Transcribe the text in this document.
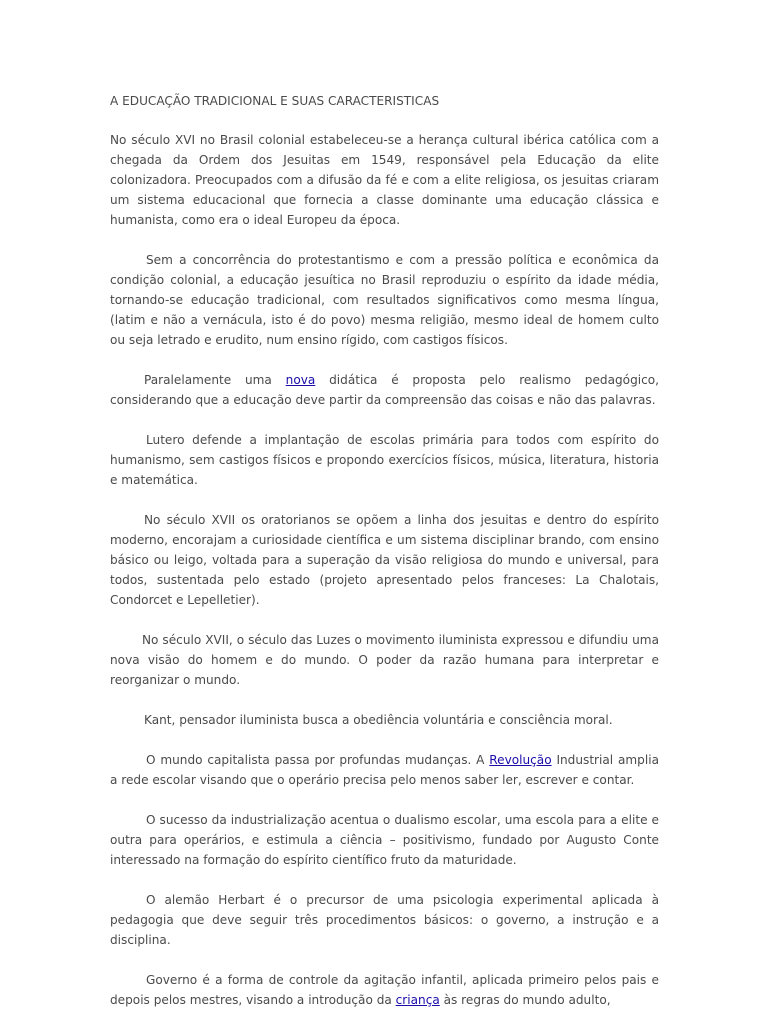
A EDUCAÇÃO TRADICIONAL E SUAS CARACTERISTICAS

No século XVI no Brasil colonial estabeleceu-se a herança cultural ibérica católica com a chegada da Ordem dos Jesuitas em 1549, responsável pela Educação da elite colonizadora. Preocupados com a difusão da fé e com a elite religiosa, os jesuitas criaram um sistema educacional que fornecia a classe dominante uma educação clássica e humanista, como era o ideal Europeu da época.

Sem a concorrência do protestantismo e com a pressão política e econômica da condição colonial, a educação jesuítica no Brasil reproduziu o espírito da idade média, tornando-se educação tradicional, com resultados significativos como mesma língua, (latim e não a vernácula, isto é do povo) mesma religião, mesmo ideal de homem culto ou seja letrado e erudito, num ensino rígido, com castigos físicos.

Paralelamente uma nova didática é proposta pelo realismo pedagógico, considerando que a educação deve partir da compreensão das coisas e não das palavras.

Lutero defende a implantação de escolas primária para todos com espírito do humanismo, sem castigos físicos e propondo exercícios físicos, música, literatura, historia e matemática.

No século XVII os oratorianos se opõem a linha dos jesuitas e dentro do espírito moderno, encorajam a curiosidade científica e um sistema disciplinar brando, com ensino básico ou leigo, voltada para a superação da visão religiosa do mundo e universal, para todos, sustentada pelo estado (projeto apresentado pelos franceses: La Chalotais, Condorcet e Lepelletier).

No século XVII, o século das Luzes o movimento iluminista expressou e difundiu uma nova visão do homem e do mundo. O poder da razão humana para interpretar e reorganizar o mundo.

Kant, pensador iluminista busca a obediência voluntária e consciência moral.

O mundo capitalista passa por profundas mudanças. A Revolução Industrial amplia a rede escolar visando que o operário precisa pelo menos saber ler, escrever e contar.

O sucesso da industrialização acentua o dualismo escolar, uma escola para a elite e outra para operários, e estimula a ciência – positivismo, fundado por Augusto Conte interessado na formação do espírito científico fruto da maturidade.

O alemão Herbart é o precursor de uma psicologia experimental aplicada à pedagogia que deve seguir três procedimentos básicos: o governo, a instrução e a disciplina.

Governo é a forma de controle da agitação infantil, aplicada primeiro pelos pais e depois pelos mestres, visando a introdução da criança às regras do mundo adulto,
